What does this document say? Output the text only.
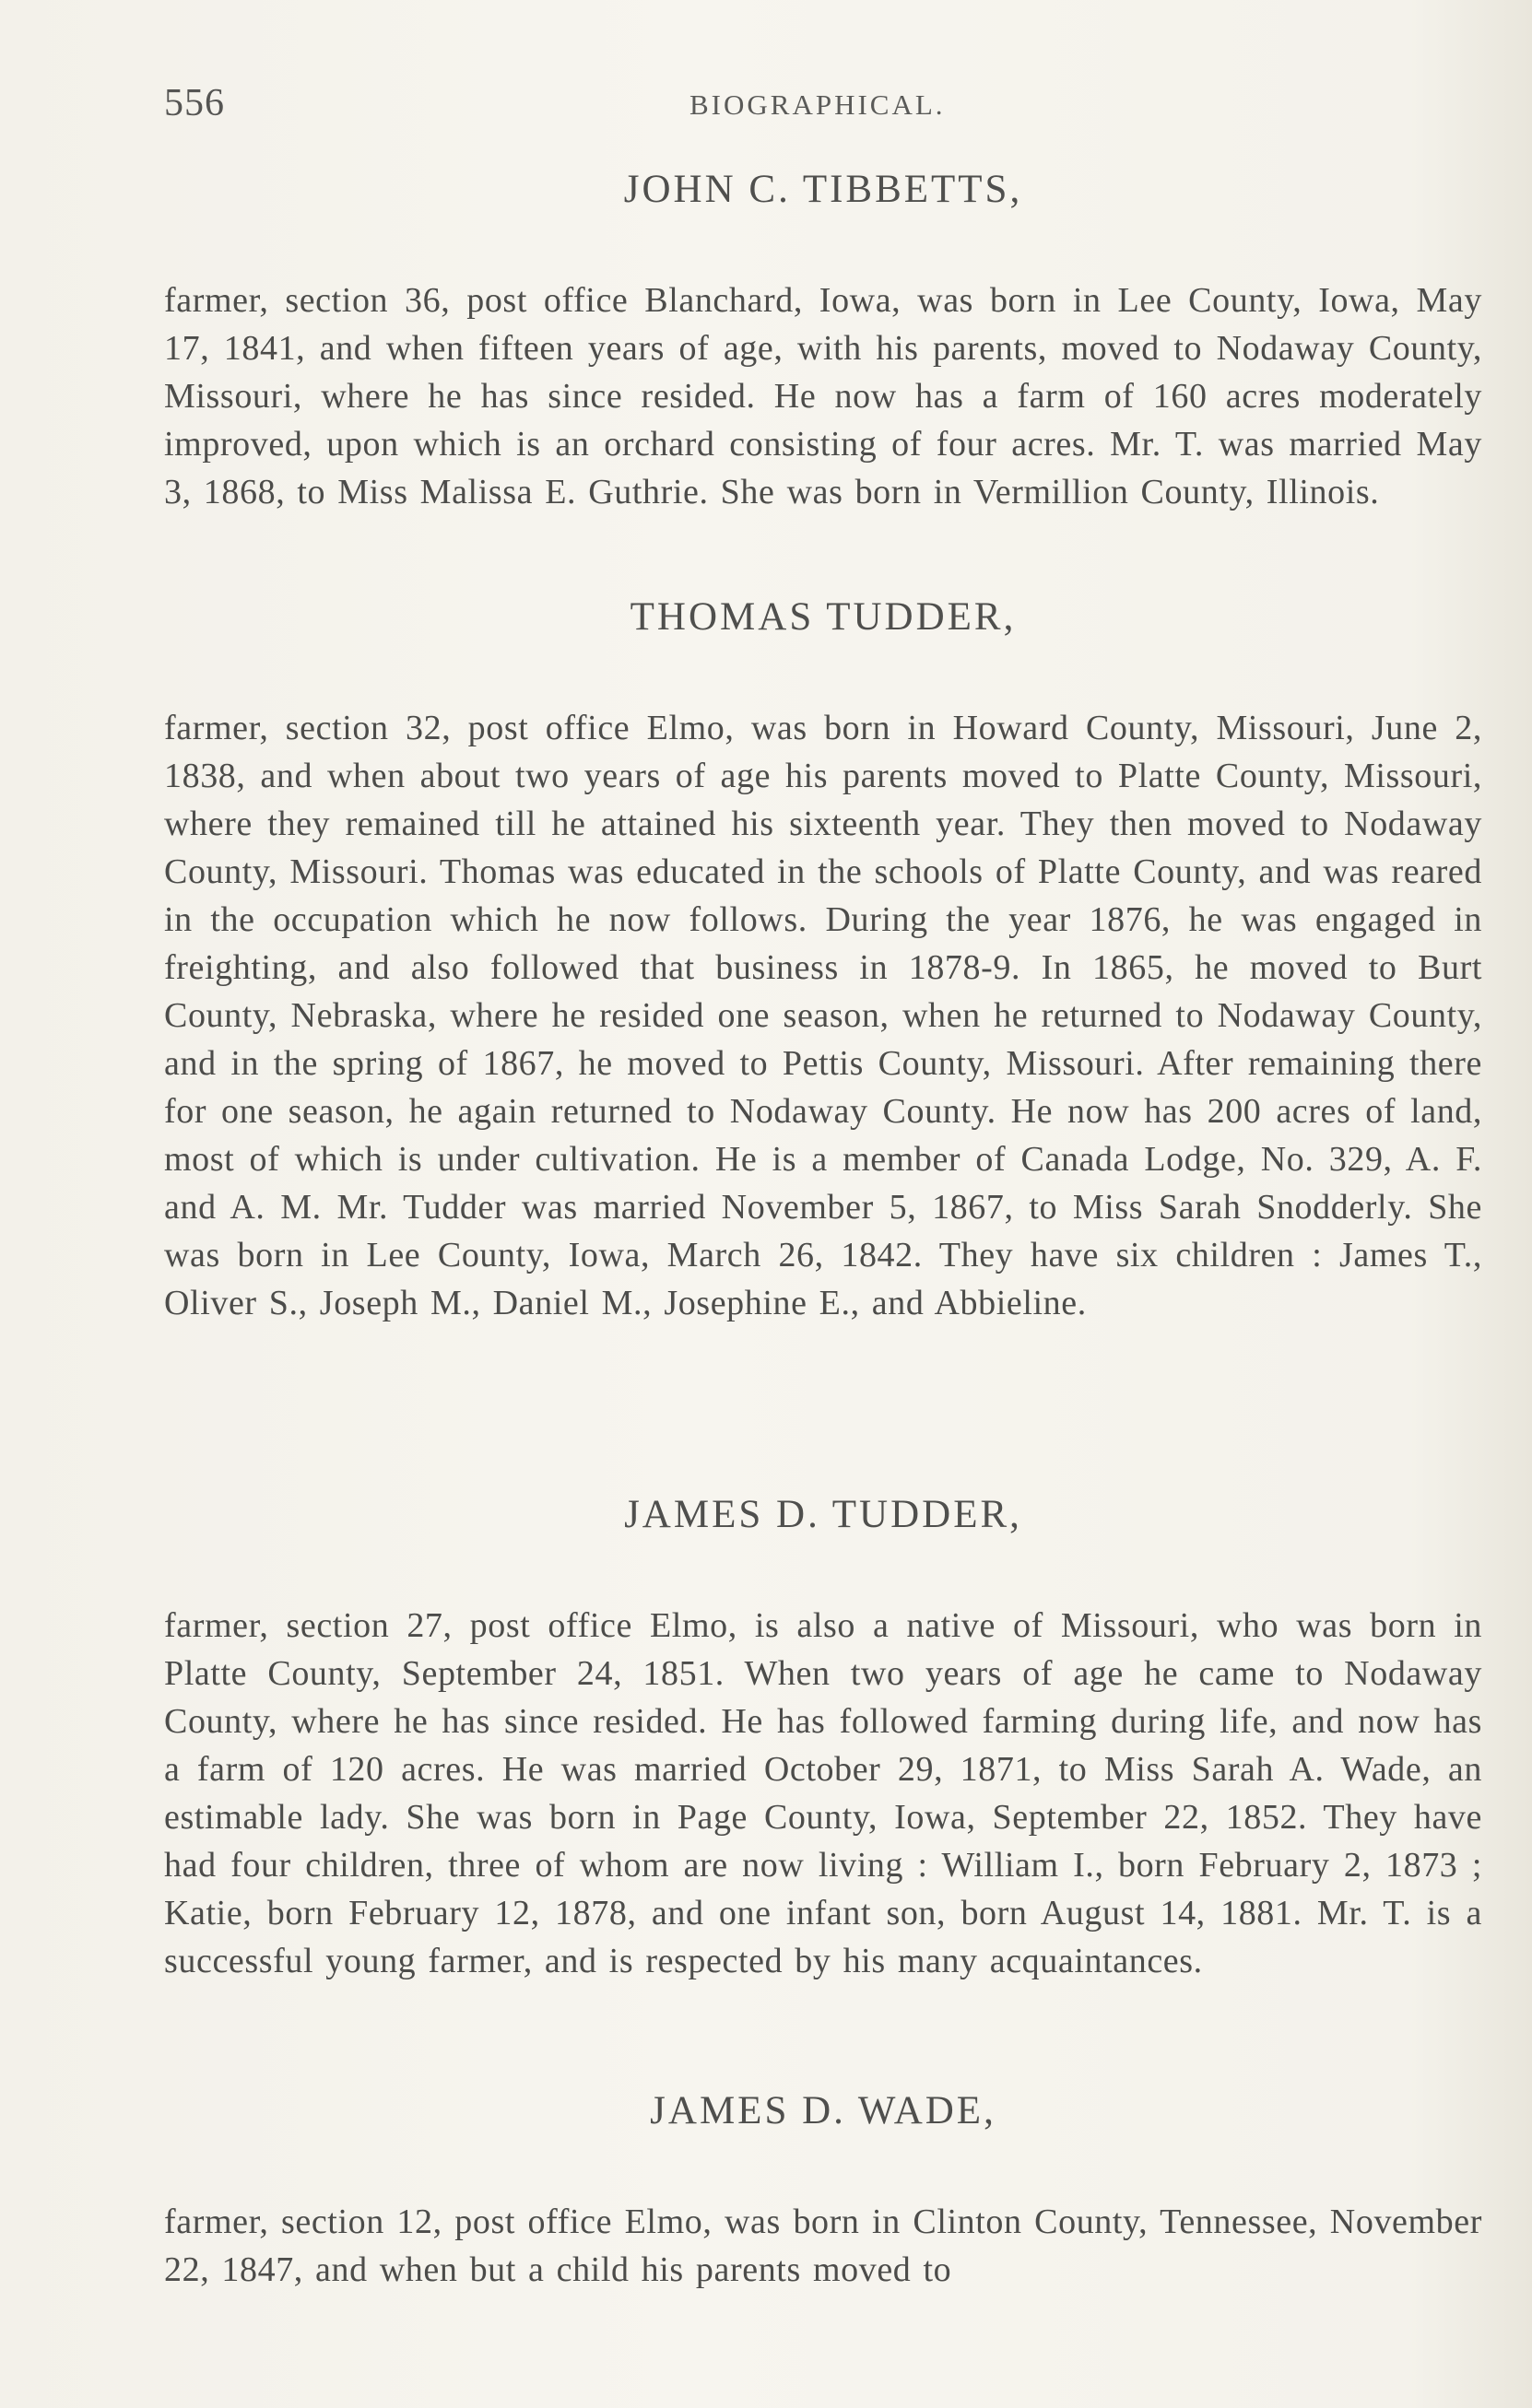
556	BIOGRAPHICAL.
JOHN C. TIBBETTS,

farmer, section 36, post office Blanchard, Iowa, was born in Lee County, Iowa, May 17, 1841, and when fifteen years of age, with his parents, moved to Nodaway County, Missouri, where he has since resided. He now has a farm of 160 acres moderately improved, upon which is an orchard consisting of four acres. Mr. T. was married May 3, 1868, to Miss Malissa E. Guthrie. She was born in Vermillion County, Illinois.

THOMAS TUDDER,

farmer, section 32, post office Elmo, was born in Howard County, Missouri, June 2, 1838, and when about two years of age his parents moved to Platte County, Missouri, where they remained till he attained his sixteenth year. They then moved to Nodaway County, Missouri. Thomas was educated in the schools of Platte County, and was reared in the occupation which he now follows. During the year 1876, he was engaged in freighting, and also followed that business in 1878-9. In 1865, he moved to Burt County, Nebraska, where he resided one season, when he returned to Nodaway County, and in the spring of 1867, he moved to Pettis County, Missouri. After remaining there for one season, he again returned to Nodaway County. He now has 200 acres of land, most of which is under cultivation. He is a member of Canada Lodge, No. 329, A. F. and A. M. Mr. Tudder was married November 5, 1867, to Miss Sarah Snodderly. She was born in Lee County, Iowa, March 26, 1842. They have six children : James T., Oliver S., Joseph M., Daniel M., Josephine E., and Abbieline.

JAMES D. TUDDER,

farmer, section 27, post office Elmo, is also a native of Missouri, who was born in Platte County, September 24, 1851. When two years of age he came to Nodaway County, where he has since resided. He has followed farming during life, and now has a farm of 120 acres. He was married October 29, 1871, to Miss Sarah A. Wade, an estimable lady. She was born in Page County, Iowa, September 22, 1852. They have had four children, three of whom are now living : William I., born February 2, 1873 ; Katie, born February 12, 1878, and one infant son, born August 14, 1881. Mr. T. is a successful young farmer, and is respected by his many acquaintances.

JAMES D. WADE,

farmer, section 12, post office Elmo, was born in Clinton County, Tennessee, November 22, 1847, and when but a child his parents moved to
